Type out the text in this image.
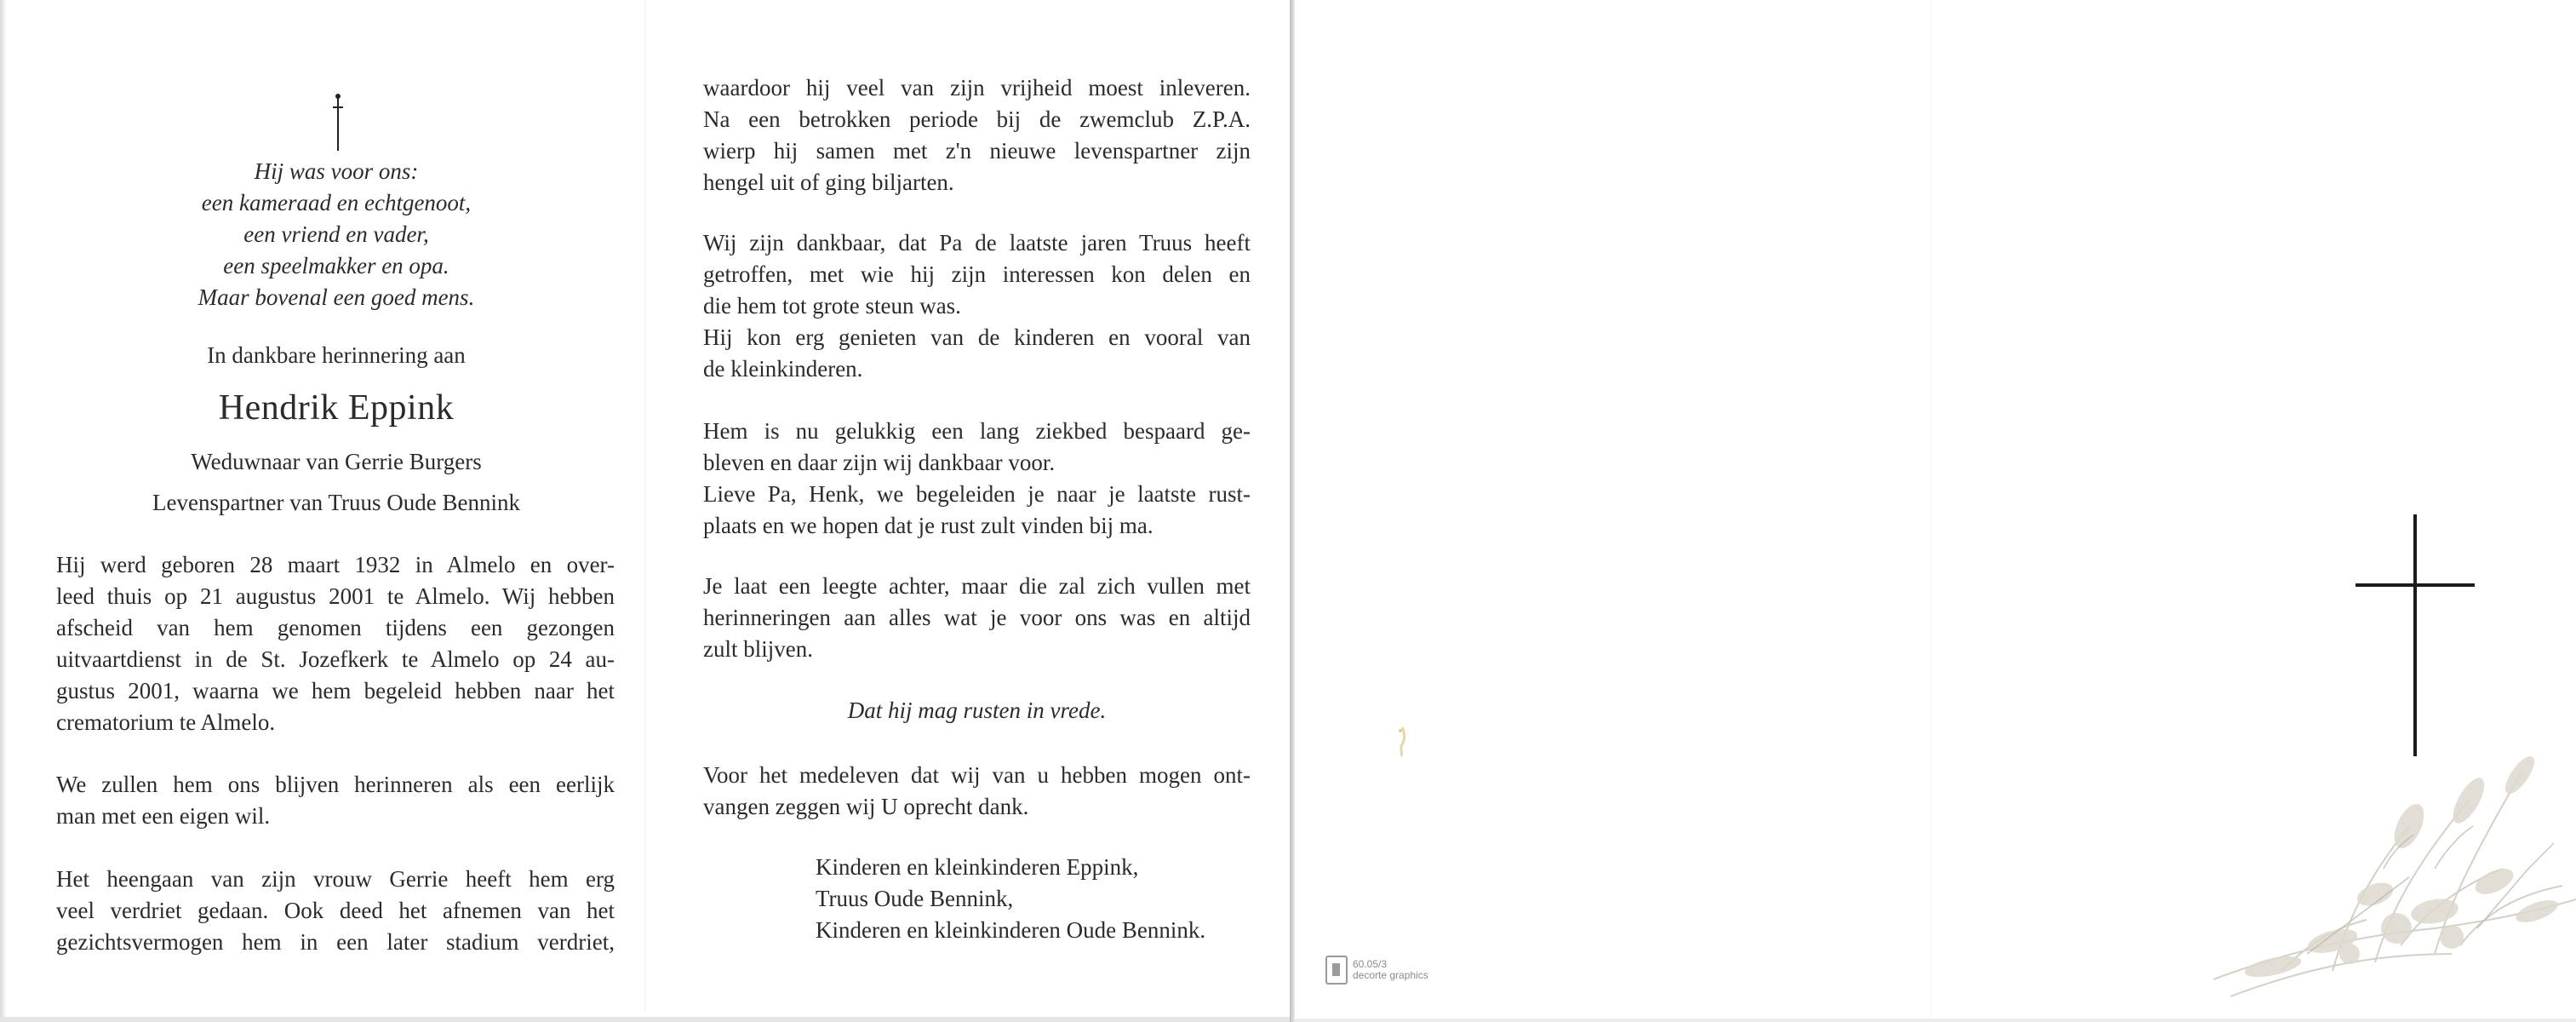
Hij was voor ons:
een kameraad en echtgenoot,
een vriend en vader,
een speelmakker en opa.
Maar bovenal een goed mens.
In dankbare herinnering aan
Hendrik Eppink
Weduwnaar van Gerrie Burgers
Levenspartner van Truus Oude Bennink
Hij werd geboren 28 maart 1932 in Almelo en over-
leed thuis op 21 augustus 2001 te Almelo. Wij hebben
afscheid van hem genomen tijdens een gezongen
uitvaartdienst in de St. Jozefkerk te Almelo op 24 au-
gustus 2001, waarna we hem begeleid hebben naar het
crematorium te Almelo.
We zullen hem ons blijven herinneren als een eerlijk
man met een eigen wil.
Het heengaan van zijn vrouw Gerrie heeft hem erg
veel verdriet gedaan. Ook deed het afnemen van het
gezichtsvermogen hem in een later stadium verdriet,
waardoor hij veel van zijn vrijheid moest inleveren.
Na een betrokken periode bij de zwemclub Z.P.A.
wierp hij samen met z'n nieuwe levenspartner zijn
hengel uit of ging biljarten.
Wij zijn dankbaar, dat Pa de laatste jaren Truus heeft
getroffen, met wie hij zijn interessen kon delen en
die hem tot grote steun was.
Hij kon erg genieten van de kinderen en vooral van
de kleinkinderen.
Hem is nu gelukkig een lang ziekbed bespaard ge-
bleven en daar zijn wij dankbaar voor.
Lieve Pa, Henk, we begeleiden je naar je laatste rust-
plaats en we hopen dat je rust zult vinden bij ma.
Je laat een leegte achter, maar die zal zich vullen met
herinneringen aan alles wat je voor ons was en altijd
zult blijven.
Dat hij mag rusten in vrede.
Voor het medeleven dat wij van u hebben mogen ont-
vangen zeggen wij U oprecht dank.
Kinderen en kleinkinderen Eppink,
Truus Oude Bennink,
Kinderen en kleinkinderen Oude Bennink.
60.05/3
decorte graphics
